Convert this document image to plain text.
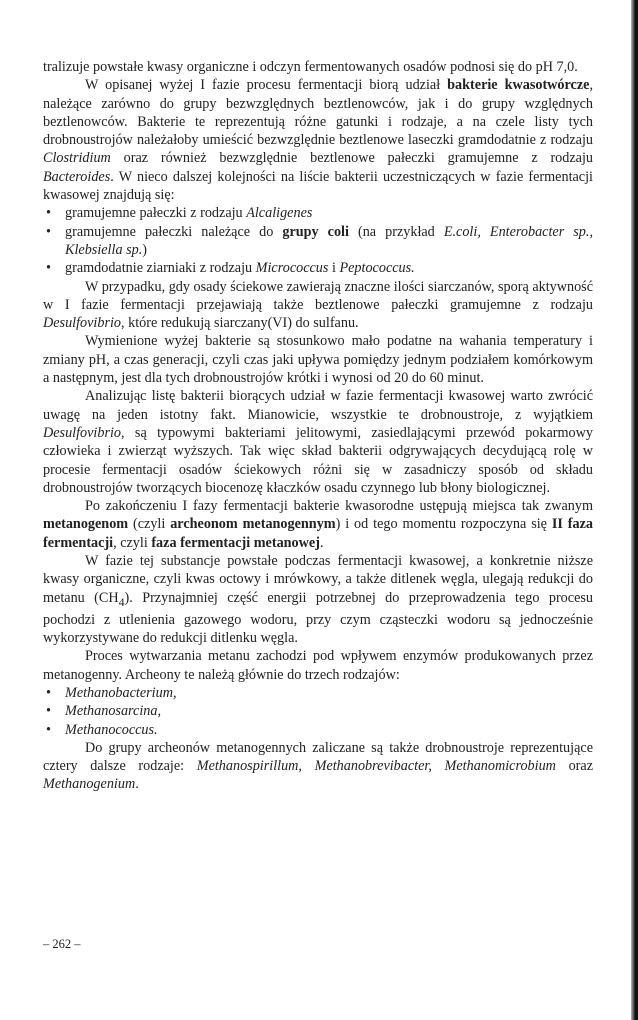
tralizuje powstałe kwasy organiczne i odczyn fermentowanych osadów podnosi się do pH 7,0.

W opisanej wyżej I fazie procesu fermentacji biorą udział bakterie kwasotwórcze, należące zarówno do grupy bezwzględnych beztlenowców, jak i do grupy względnych beztlenowców. Bakterie te reprezentują różne gatunki i rodzaje, a na czele listy tych drobnoustrojów należałoby umieścić bezwzględnie beztlenowe laseczki gramdodatnie z rodzaju Clostridium oraz również bezwzględnie beztlenowe pałeczki gramujemne z rodzaju Bacteroides. W nieco dalszej kolejności na liście bakterii uczestniczących w fazie fermentacji kwasowej znajdują się:

• gramujemne pałeczki z rodzaju Alcaligenes
• gramujemne pałeczki należące do grupy coli (na przykład E.coli, Enterobacter sp., Klebsiella sp.)
• gramdodatnie ziarniaki z rodzaju Micrococcus i Peptococcus.

W przypadku, gdy osady ściekowe zawierają znaczne ilości siarczanów, sporą aktywność w I fazie fermentacji przejawiają także beztlenowe pałeczki gramujemne z rodzaju Desulfovibrio, które redukują siarczany(VI) do sulfanu.

Wymienione wyżej bakterie są stosunkowo mało podatne na wahania temperatury i zmiany pH, a czas generacji, czyli czas jaki upływa pomiędzy jednym podziałem komórkowym a następnym, jest dla tych drobnoustrojów krótki i wynosi od 20 do 60 minut.

Analizując listę bakterii biorących udział w fazie fermentacji kwasowej warto zwrócić uwagę na jeden istotny fakt. Mianowicie, wszystkie te drobnoustroje, z wyjątkiem Desulfovibrio, są typowymi bakteriami jelitowymi, zasiedlającymi przewód pokarmowy człowieka i zwierząt wyższych. Tak więc skład bakterii odgrywających decydującą rolę w procesie fermentacji osadów ściekowych różni się w zasadniczy sposób od składu drobnoustrojów tworzących biocenozę kłaczków osadu czynnego lub błony biologicznej.

Po zakończeniu I fazy fermentacji bakterie kwasorodne ustępują miejsca tak zwanym metanogenom (czyli archeonom metanogennym) i od tego momentu rozpoczyna się II faza fermentacji, czyli faza fermentacji metanowej.

W fazie tej substancje powstałe podczas fermentacji kwasowej, a konkretnie niższe kwasy organiczne, czyli kwas octowy i mrówkowy, a także ditlenek węgla, ulegają redukcji do metanu $(CH_4)$. Przynajmniej część energii potrzebnej do przeprowadzenia tego procesu pochodzi z utlenienia gazowego wodoru, przy czym cząsteczki wodoru są jednocześnie wykorzystywane do redukcji ditlenku węgla.

Proces wytwarzania metanu zachodzi pod wpływem enzymów produkowanych przez metanogenny. Archeony te należą głównie do trzech rodzajów:

• Methanobacterium,
• Methanosarcina,
• Methanococcus.

Do grupy archeonów metanogennych zaliczane są także drobnoustroje reprezentujące cztery dalsze rodzaje: Methanospirillum, Methanobrevibacter, Methanomicrobium oraz Methanogenium.

– 262 –
